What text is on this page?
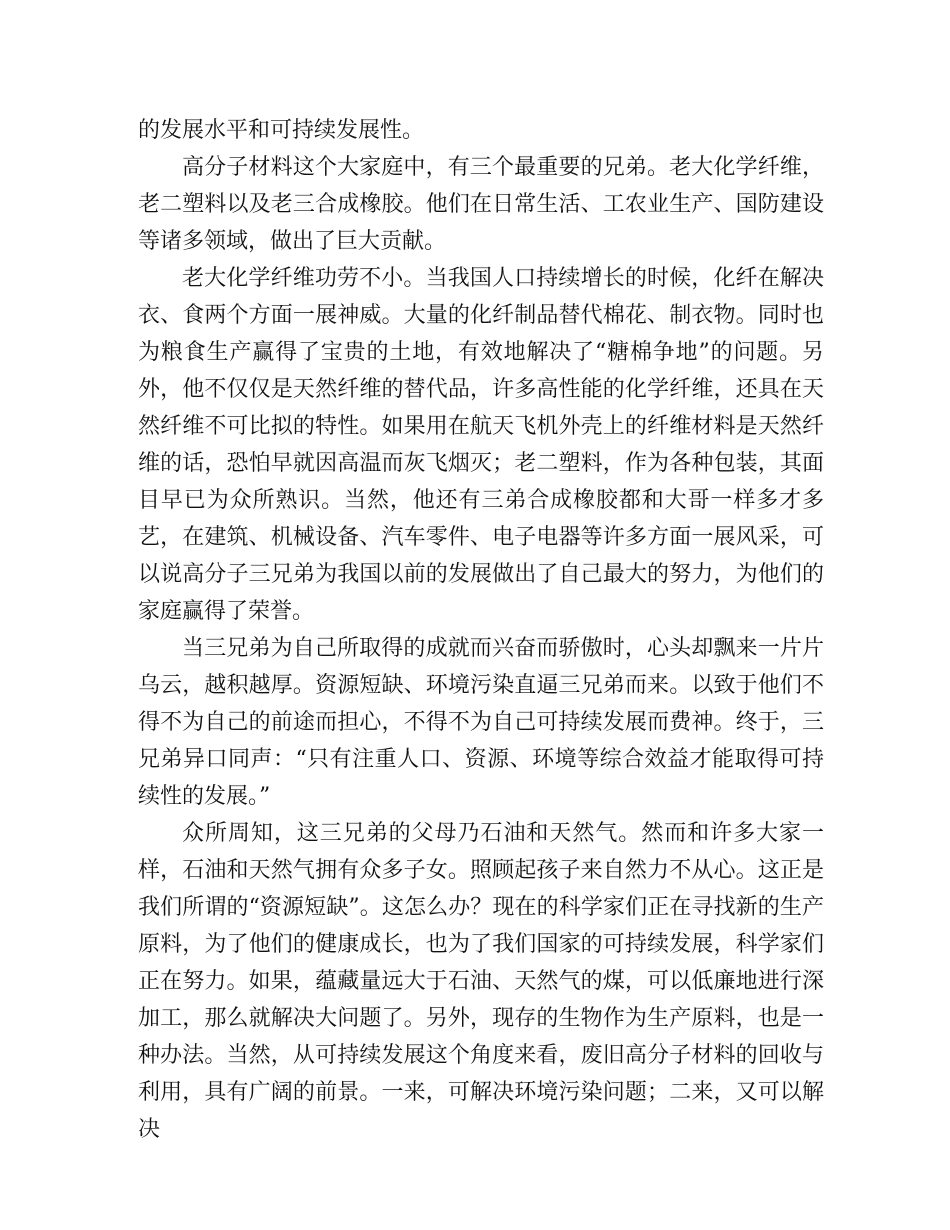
的发展水平和可持续发展性。

高分子材料这个大家庭中，有三个最重要的兄弟。老大化学纤维，老二塑料以及老三合成橡胶。他们在日常生活、工农业生产、国防建设等诸多领域，做出了巨大贡献。

老大化学纤维功劳不小。当我国人口持续增长的时候，化纤在解决衣、食两个方面一展神威。大量的化纤制品替代棉花、制衣物。同时也为粮食生产赢得了宝贵的土地，有效地解决了“糖棉争地”的问题。另外，他不仅仅是天然纤维的替代品，许多高性能的化学纤维，还具在天然纤维不可比拟的特性。如果用在航天飞机外壳上的纤维材料是天然纤维的话，恐怕早就因高温而灰飞烟灭；老二塑料，作为各种包装，其面目早已为众所熟识。当然，他还有三弟合成橡胶都和大哥一样多才多艺，在建筑、机械设备、汽车零件、电子电器等许多方面一展风采，可以说高分子三兄弟为我国以前的发展做出了自己最大的努力，为他们的家庭赢得了荣誉。

当三兄弟为自己所取得的成就而兴奋而骄傲时，心头却飘来一片片乌云，越积越厚。资源短缺、环境污染直逼三兄弟而来。以致于他们不得不为自己的前途而担心，不得不为自己可持续发展而费神。终于，三兄弟异口同声：“只有注重人口、资源、环境等综合效益才能取得可持续性的发展。”

众所周知，这三兄弟的父母乃石油和天然气。然而和许多大家一样，石油和天然气拥有众多子女。照顾起孩子来自然力不从心。这正是我们所谓的“资源短缺”。这怎么办？现在的科学家们正在寻找新的生产原料，为了他们的健康成长，也为了我们国家的可持续发展，科学家们正在努力。如果，蕴藏量远大于石油、天然气的煤，可以低廉地进行深加工，那么就解决大问题了。另外，现存的生物作为生产原料，也是一种办法。当然，从可持续发展这个角度来看，废旧高分子材料的回收与利用，具有广阔的前景。一来，可解决环境污染问题；二来，又可以解决
